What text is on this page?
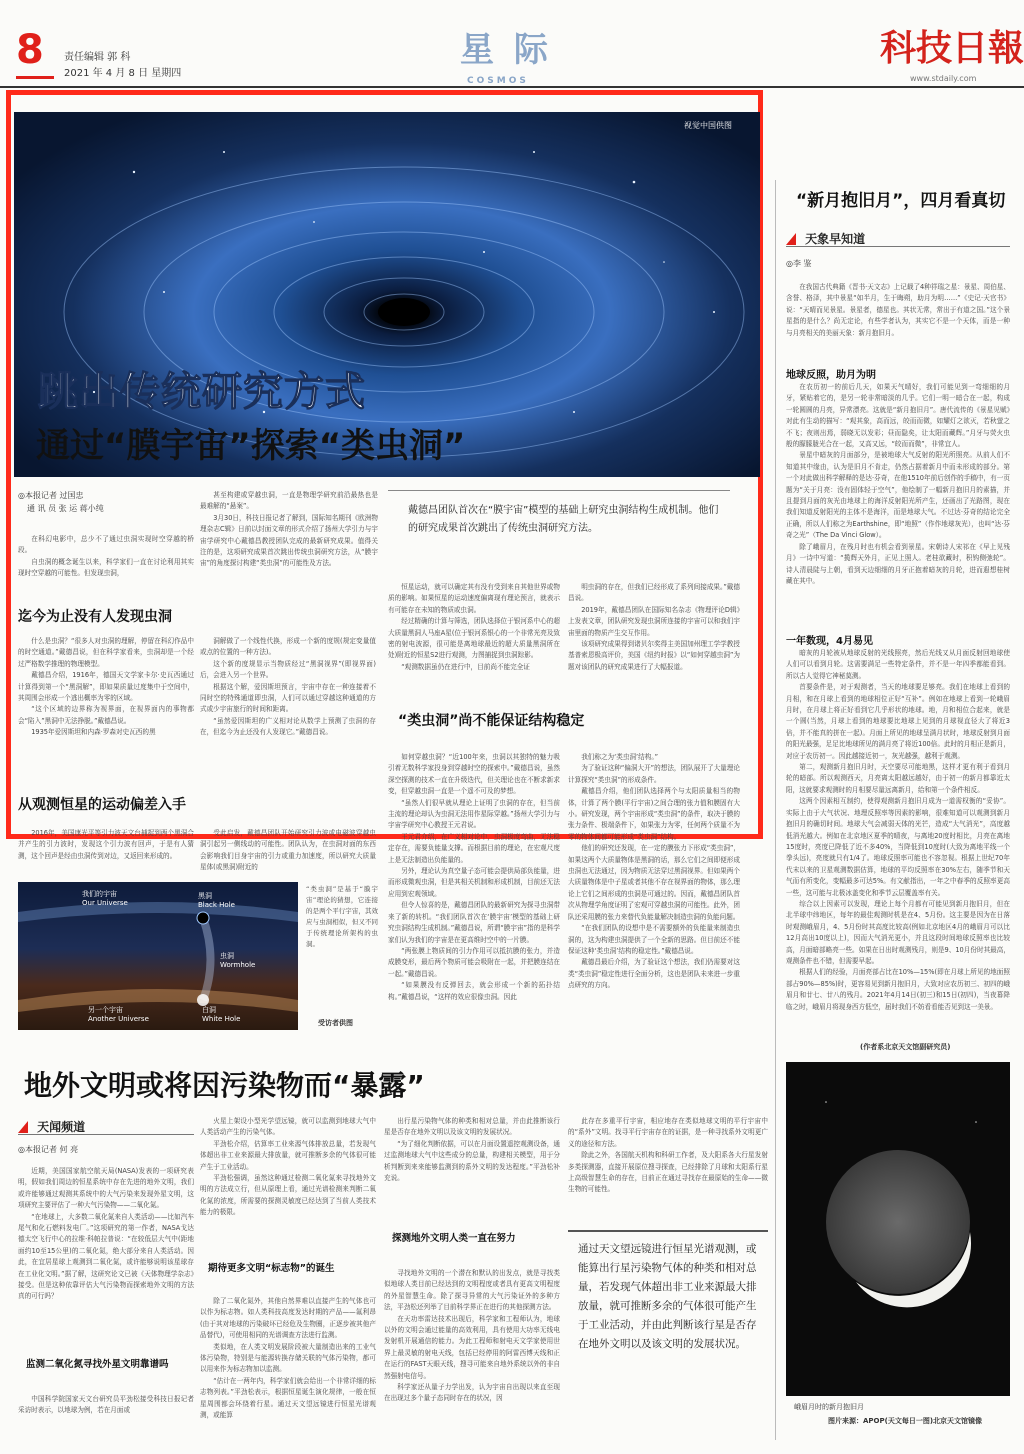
8 责任编辑 郭 科
2021 年 4 月 8 日 星期四
星 际
COSMOS
科技日報
www.stdaily.com
视觉中国供图
跳出传统研究方式
通过“膜宇宙”探索“类虫洞”
◎本报记者 过国忠
通 讯 员 张 运 蒋小纯

在科幻电影中，总少不了通过虫洞实现时空穿越的桥段。

自虫洞的概念诞生以来，科学家们一直在讨论利用其实现时空穿越的可能性。但发现虫洞，

甚至构建或穿越虫洞，一直是物理学研究前沿最热也是最难解的“悬案”。

3月30日，科技日报记者了解到，国际知名期刊《欧洲物理杂志C辑》日前以封面文章的形式介绍了扬州大学引力与宇宙学研究中心戴德昌教授团队完成的最新研究成果。值得关注的是，这项研究成果首次跳出传统虫洞研究方法，从“膜宇宙”的角度探讨构建“类虫洞”的可能性及方法。

戴德昌团队首次在“膜宇宙”模型的基础上研究虫洞结构生成机制。他们的研究成果首次跳出了传统虫洞研究方法。
迄今为止没有人发现虫洞

什么是虫洞？“很多人对虫洞的理解，停留在科幻作品中的时空通道。”戴德昌说，但在科学家看来，虫洞却是一个经过严格数学推理的物理模型。

戴德昌介绍，1916年，德国天文学家卡尔·史瓦西通过计算得到第一个“黑洞解”，即如果质量过度集中于空间中，其周围会形成一个逃出概率为零的区域。

“这个区域的边界称为视界面，在视界面内的事物都会“陷入”黑洞中无法挣脱。”戴德昌说。

1935年爱因斯坦和内森·罗森对史瓦西的黑

洞解做了一个线性代换，形成一个新的度规(规定变量值或点的位置的一种方法)。

这个新的度规显示当物质经过“黑洞视界”(即视界面)后，会进入另一个世界。

根据这个解，爱因斯坦预言，宇宙中存在一种连接着不同时空的特殊通道即虫洞，人们可以通过穿越这种通道的方式或少宇宙旅行的时间和距离。

“虽然爱因斯坦的广义相对论从数学上预测了虫洞的存在，但迄今为止还没有人发现它。”戴德昌说。

从观测恒星的运动偏差入手

2016年，美国康光平等引力波天文台捕捉到两个黑洞合并产生的引力波时，发现这个引力波有回声，于是有人猜测，这个回声是经由虫洞传到对边，又返回来形成的。

受此启发，戴德昌团队开始研究引力波或电磁波穿越虫洞引起另一侧线动的可能性。团队认为，在虫洞对面的东西会影响我们目身宇宙的引力或重力加速度，所以研究大质量星体(或黑洞)附近的

我们的宇宙
Our Universe
黑洞
Black Hole
虫洞
Wormhole
另一个宇宙
Another Universe
白洞
White Hole
“类虫洞”是基于“膜宇宙”理论的猜想，它连接的是两个平行宇宙，其效应与虫洞相似，但又不同于传统理论所架构的虫洞。
受访者供图

恒星运动，就可以确定其有没有受到来自其他世界或物质的影响。如果恒星的运动速度偏离现有理论预言，就表示有可能存在未知的物质或虫洞。

经过精确的计算与筛选，团队选择位于银河系中心的超大质量黑洞人马座A星(位于银河系银心的一个非常光亮及致密的射电波源，很可能是离地球最近的超大质量黑洞所在处)附近的恒星S2进行观测，力图捕捉到虫洞踪影。

“观测数据虽仍在进行中，目前尚不能完全证

明虫洞的存在，但我们已经形成了系列间接成果。”戴德昌说。

2019年，戴德昌团队在国际知名杂志《物理评论D辑》上发表文章，团队研究发现虫洞所连接的宇宙可以和我们宇宙里面的物质产生交互作用。

该项研究成果得到诸贝尔奖得主美国加州理工学学教授基普索恩极高评价，美国《纽约时报》以“如何穿越虫洞”为题对该团队的研究成果进行了大幅报道。

“类虫洞”尚不能保证结构稳定

如何穿越虫洞？“近100年来，虫洞以其独特的魅力吸引着无数科学家投身到穿越时空的探索中。”戴德昌说，虽然深空探测的技术一直在升级迭代，但关理论也在不断求新求变，但穿越虫洞一直是一个遥不可及的梦想。

“虽然人们很早就从理论上证明了虫洞的存在，但当前主流的理论却认为虫洞无法用作星际穿越。”扬州大学引力与宇宙学研究中心教授王元君说。

王元君介绍，在广义相对论中，虫洞极度弯曲，无法稳定存在，需要负能量支撑。而根据目前的理论，在宏观尺度上是无法制造出负能量的。

另外，理论认为真空量子态可能会提供局部负能量，进而形成微观虫洞，但是其相关机制和形成机制，目前还无法应用到宏观领域。

但令人惊喜的是，戴德昌团队的最新研究为探寻虫洞带来了新的转机。“我们团队首次在‘膜宇宙’模型的基础上研究虫洞结构生成机制。”戴德昌说，所谓“膜宇宙”指的是科学家们认为我们的宇宙是在更高维时空中的一片膜。

“两张膜上物质间的引力作用可以抵抗膜的张力，并造成膜变形，最后两个物质可能会吸附在一起，并把膜连结在一起。”戴德昌说。

“如果膜没有反弹回去，就会形成一个新的拓扑结构。”戴德昌说，“这样的效应很像虫洞。因此

我们称之为‘类虫洞’结构。”

为了验证这种“偏洞大开”的想法，团队展开了大量理论计算探究“类虫洞”的形成条件。

戴德昌介绍，他们团队选择两个与太阳质量相当的物体，计算了两个膜(平行宇宙)之间合理的张力值和膜固有大小。研究发现，两个宇宙形成“类虫洞”的条件，取决于膜的张力条件、极端条件下，如果张力为零，任何两个质量不为零的物体间都可能形成“类虫洞”结构。

他们的研究还发现，在一定的膜张力下形成“类虫洞”，如果这两个大质量物体是黑洞的话，那么它们之间即便形成虫洞也无法通过，因为物质无法穿过黑洞视界。但如果两个大质量物体是中子星或者其他不存在视界面的物体，那么理论上它们之间形成的虫洞是可通过的。因而，戴德昌团队首次从物理学角度证明了宏观可穿越虫洞的可能性。此外，团队还采用膜的张力来替代负能量解决制造虫洞的负能问题。

“在我们团队的设想中是不需要额外的负能量来制造虫洞的，这为构建虫洞提供了一个全新的思路。但目前还不能保证这种‘类虫洞’结构的稳定性。”戴德昌说。

戴德昌最后介绍，为了验证这个想法，我们仍需要对这类“类虫洞”稳定性进行全面分析，这也是团队未来进一步重点研究的方向。

“新月抱旧月”，四月看真切
天象早知道
◎李 鉴

在我国古代典籍《晋书·天文志》上记载了4种祥瑞之星：景星、周伯星、含誉、格泽，其中景星“如半月，生于晦朔，助月为明……”《史记·天官书》说：“天晴而见景星。景星者，德星也。其状无常，常出于有道之国。”这个景星指的是什么？尚无定论，有些学者认为，其实它不是一个天体，而是一种与月亮相关的美丽天象：新月抱旧月。

地球反照，助月为明

在农历初一的前后几天，如果天气晴好，我们可能见到一弯细细的月牙，紧贴着它的，是另一轮非常暗淡的几乎。它们一明一暗合在一起，构成一轮圆圆的月亮，异常漂亮。这就是“新月抱旧月”。唐代流传的《景星见赋》对此有生动的描写：“观其象，高而远，皎而而微，如耀灯之欲灭，若秋萤之不飞；夜则出焉，弱晓无以发彩；昼而隐矣，让太阳而藏辉。”月牙与荧火虫般的朦朦胧光合在一起，又高又远，“皎而而微”，非常宜人。

景星中暗灰的月面部分，是被地球大气反射的阳光所照亮。从前人们不知道其中缘由，认为是旧月不肯走，仍然占据着新月中而未形成的部分。第一个对此做出科学解释的是达·芬奇，在他1510年前后创作的手稿中，有一页题为“关于月亮：没有固体轻于空气”，他绘制了一幅新月抱旧月的素描，并且提到月面的灰光由地球上的海洋反射阳光所产生，还画出了光路图，现在我们知道反射阳光的主体不是海洋，而是地球大气。不过达·芬奇的结论完全正确，所以人们称之为Earthshine，即“地照”（作作地球灰光），也叫“达·芬奇之光”（The Da Vinci Glow）。

除了峨眉月，在残月时也有机会看到景星。宋朝诗人宋祁在《早上见残月》一诗中写道：“揽辉天外月，正见上照人。老桂欲藏时，积钩侧弛轮”。诗人清晨陡与上朝，看到天边细细的月牙正抱着暗灰的月轮，进而遐想桂树藏在其中。

一年数现，4月易见

暗灰的月轮被从地球反射的光线照亮，然后光线又从月面反射回地球使人们可以看到月轮。这需要满足一些特定条件，并不是一年四季都能看到。所以古人觉得它神秘莫测。

首要条件是，对于观测者，当天的地球要足够亮。我们在地球上看到的月相，和在月球上看到的地球相位正好“互补”。例如在地球上看到一轮峨眉月时，在月球上将正好看到它几乎形状的地球。地，月和相位合起来，就是一个圆(当然，月球上看到的地球要比地球上见到的月球视直径大了将近3倍，并不能真的拼在一起)。月面上所见的地球呈满月状时，地球反射到月面的阳光最强，足足比地球所见的满月亮了将近100倍。此时的月相正是新月，对应于农历初一。因此越接近初一，灰光越强，越利于观测。

第二，观测新月抱旧月时，天空要尽可能地黑，这样才更有利于看到月轮的暗部。所以观测西天，月亮离太阳越远越好，由于初一的新月都靠近太阳，这就要求观测时的月相要尽量远离新月，给和第一个条件相反。

这两个因素相互制约，使得观测新月抱旧月成为一道需权衡的“妥协”。实际上由于大气状况、地理反照率等因素的影响，很难知道可以观测到新月抱旧月的确切时间。地球大气会减弱天体的光芒，造成“大气消光”，高度越低消光越大。例如在北京地区夏季的晴夜，与离地20度时相比，月亮在离地15度时，亮度已降低了近不多40%，当降低到10度时(大致为离地平线一个拳头远)，亮度就只有1/4了。地球反照率可能也不容忽视。根据上世纪70年代末以来的卫星观测数据估算，地球的平均反照率在30%左右，随季节和天气而有所变化，变幅最多可达5%。有文献指出，一年之中春季的反照率更高一些，这可能与北极冰盖变化和季节云层覆盖率有关。

综合以上因素可以发现，理论上每个月都有可能见到新月抱旧月，但在北半球中纬地区，每年的最佳观测时机是在4、5月份。这主要是因为在日落时观测峨眉月，4、5月份时其高度比较高(例如北京地区4月的峨眉月可以比12月高出10度以上)，因而大气消光更小，并且这段时间地球反照率也比较高，月面暗部略亮一些。如果在日出时观测残月，则是9、10月份时其最高，观测条件也不错，但需要早起。

根据人们的经验，月面亮部占比在10%—15%(即在月球上所见的地面照部占90%—85%)时，更容易见到新月抱旧月，大致对应农历初三、初四的峨眉月和廿七、廿八的残月。2021年4月14日(初三)和15日(初四)，当夜幕降临之时，峨眉月将现身西方低空，届时我们不妨看看能否见到这一美景。

(作者系北京天文馆副研究员)
峨眉月时的新月抱旧月
图片来源：APOP(天文每日一图)北京天文馆镜像
地外文明或将因污染物而“暴露”
天闻频道
◎本报记者 何 亮

近期，美国国家航空航天局(NASA)发表的一项研究表明，假如我们周边的恒星系统中存在先进的地外文明，我们或许能够通过观测其系统中的大气污染来发现外星文明，这项研究主要评估了一种大气污染物——二氧化氮。

“在地球上，大多数二氧化氮来自人类活动——比如汽车尾气和化石燃料发电厂。”这项研究的第一作者，NASA戈达德太空飞行中心的拉维·科帕拉普说：“在较低层大气中(距地面约10至15公里)的二氧化氮，绝大部分来自人类活动。因此，在宜居星球上观测到二氧化氮，或许能够说明该星球存在工业化文明。”据了解，这研究论文已被《天体物理学杂志》接受。但是这种依靠评估大气污染物而探索地外文明的方法真的可行吗？

监测二氧化氮寻找外星文明靠谱吗

中国科学院国家天文台研究员平劲松接受科技日报记者采访时表示，以地球为例，若在月面或

火星上架设小型光学望远镜，就可以监测到地球大气中人类活动产生的污染气体。

平劲松介绍，估算率工业来源气体排放总量，若发现气体超出非工业来源最大排放量，就可推断多余的气体很可能产生于工业活动。

平劲松强调，虽然这种通过检测二氧化氮来寻找地外文明的方法成立行，但从原理上看，通过光谱检测来判断二氧化氮的浓度，所需要的探测灵敏度已经达到了当前人类技术能力的极限。

期待更多文明“标志物”的诞生

除了二氧化氮外，其他自然界难以直接产生的气体也可以作为标志物。如人类科技高度发达时期的产品——氟利昂(由于其对地球的污染破坏已经危及生物圈，正逐步被其他产品替代)，可使用相同的光谱调查方法进行监测。

类似地，在人类文明发展阶段被大量制造出来的工业气体污染物，特别是与能源转换存储关联的气体污染物，都可以用来作为标志物加以监测。

“估计在一两年内，科学家们就会给出一个非常详细的标志物列表。”平劲松表示，根据恒星诞生演化规律，一般在恒星周围都会环绕着行星。通过天文望远镜进行恒星光谱观测，或能算

出行星污染物气体的种类和相对总量，并由此推断该行星是否存在地外文明以及该文明的发展状况。

“为了细化判断依据，可以在月面设置遥控观测设备，通过监测地球大气中这些成分的总量，构建相关模型，用于分析判断到来来能够监测到的系外文明的发达程度。”平劲松补充说。

探测地外文明人类一直在努力

寻找地外文明的一个潜在和默认的出发点，就是寻找类似地球人类目前已经达到的文明程度或者具有更高文明程度的外星智慧生命。除了探寻异常的大气污染证外的多种方法，平劲松还列举了目前科学界正在进行的其他探测方法。

在天功率雷达技术出现后，科学家和工程师认为，地球以外的文明会通过能量的高效利用，具有使用大功率无线电发射机开展通信的能力。为此工程师和射电天文学家使用世界上最灵敏的射电天线，包括已经停用的阿雷西博天线和正在运行的FAST天眼天线，搜寻可能来自地外系统以外的非自然强射电信号。

科学家还从量子力学出发，认为宇宙自出现以来直至现在出现过多个量子态同时存在的状况，因

此存在多重平行宇宙，相应地存在类似地球文明的平行宇宙中的“系外”文明。找寻平行宇宙存在的证据，是一种寻找系外文明更广义的途径和方法。

除此之外，各国航天机构和科研工作者，及大阳系各大行星发射多类探测器，直接开展原位搜寻探查，已经排除了月球和太阳系行星上高级智慧生命的存在，目前正在通过寻找存在最原始的生命——微生物的可能性。

通过天文望远镜进行恒星光谱观测，或能算出行星污染物气体的种类和相对总量，若发现气体超出非工业来源最大排放量，就可推断多余的气体很可能产生于工业活动，并由此判断该行星是否存在地外文明以及该文明的发展状况。
